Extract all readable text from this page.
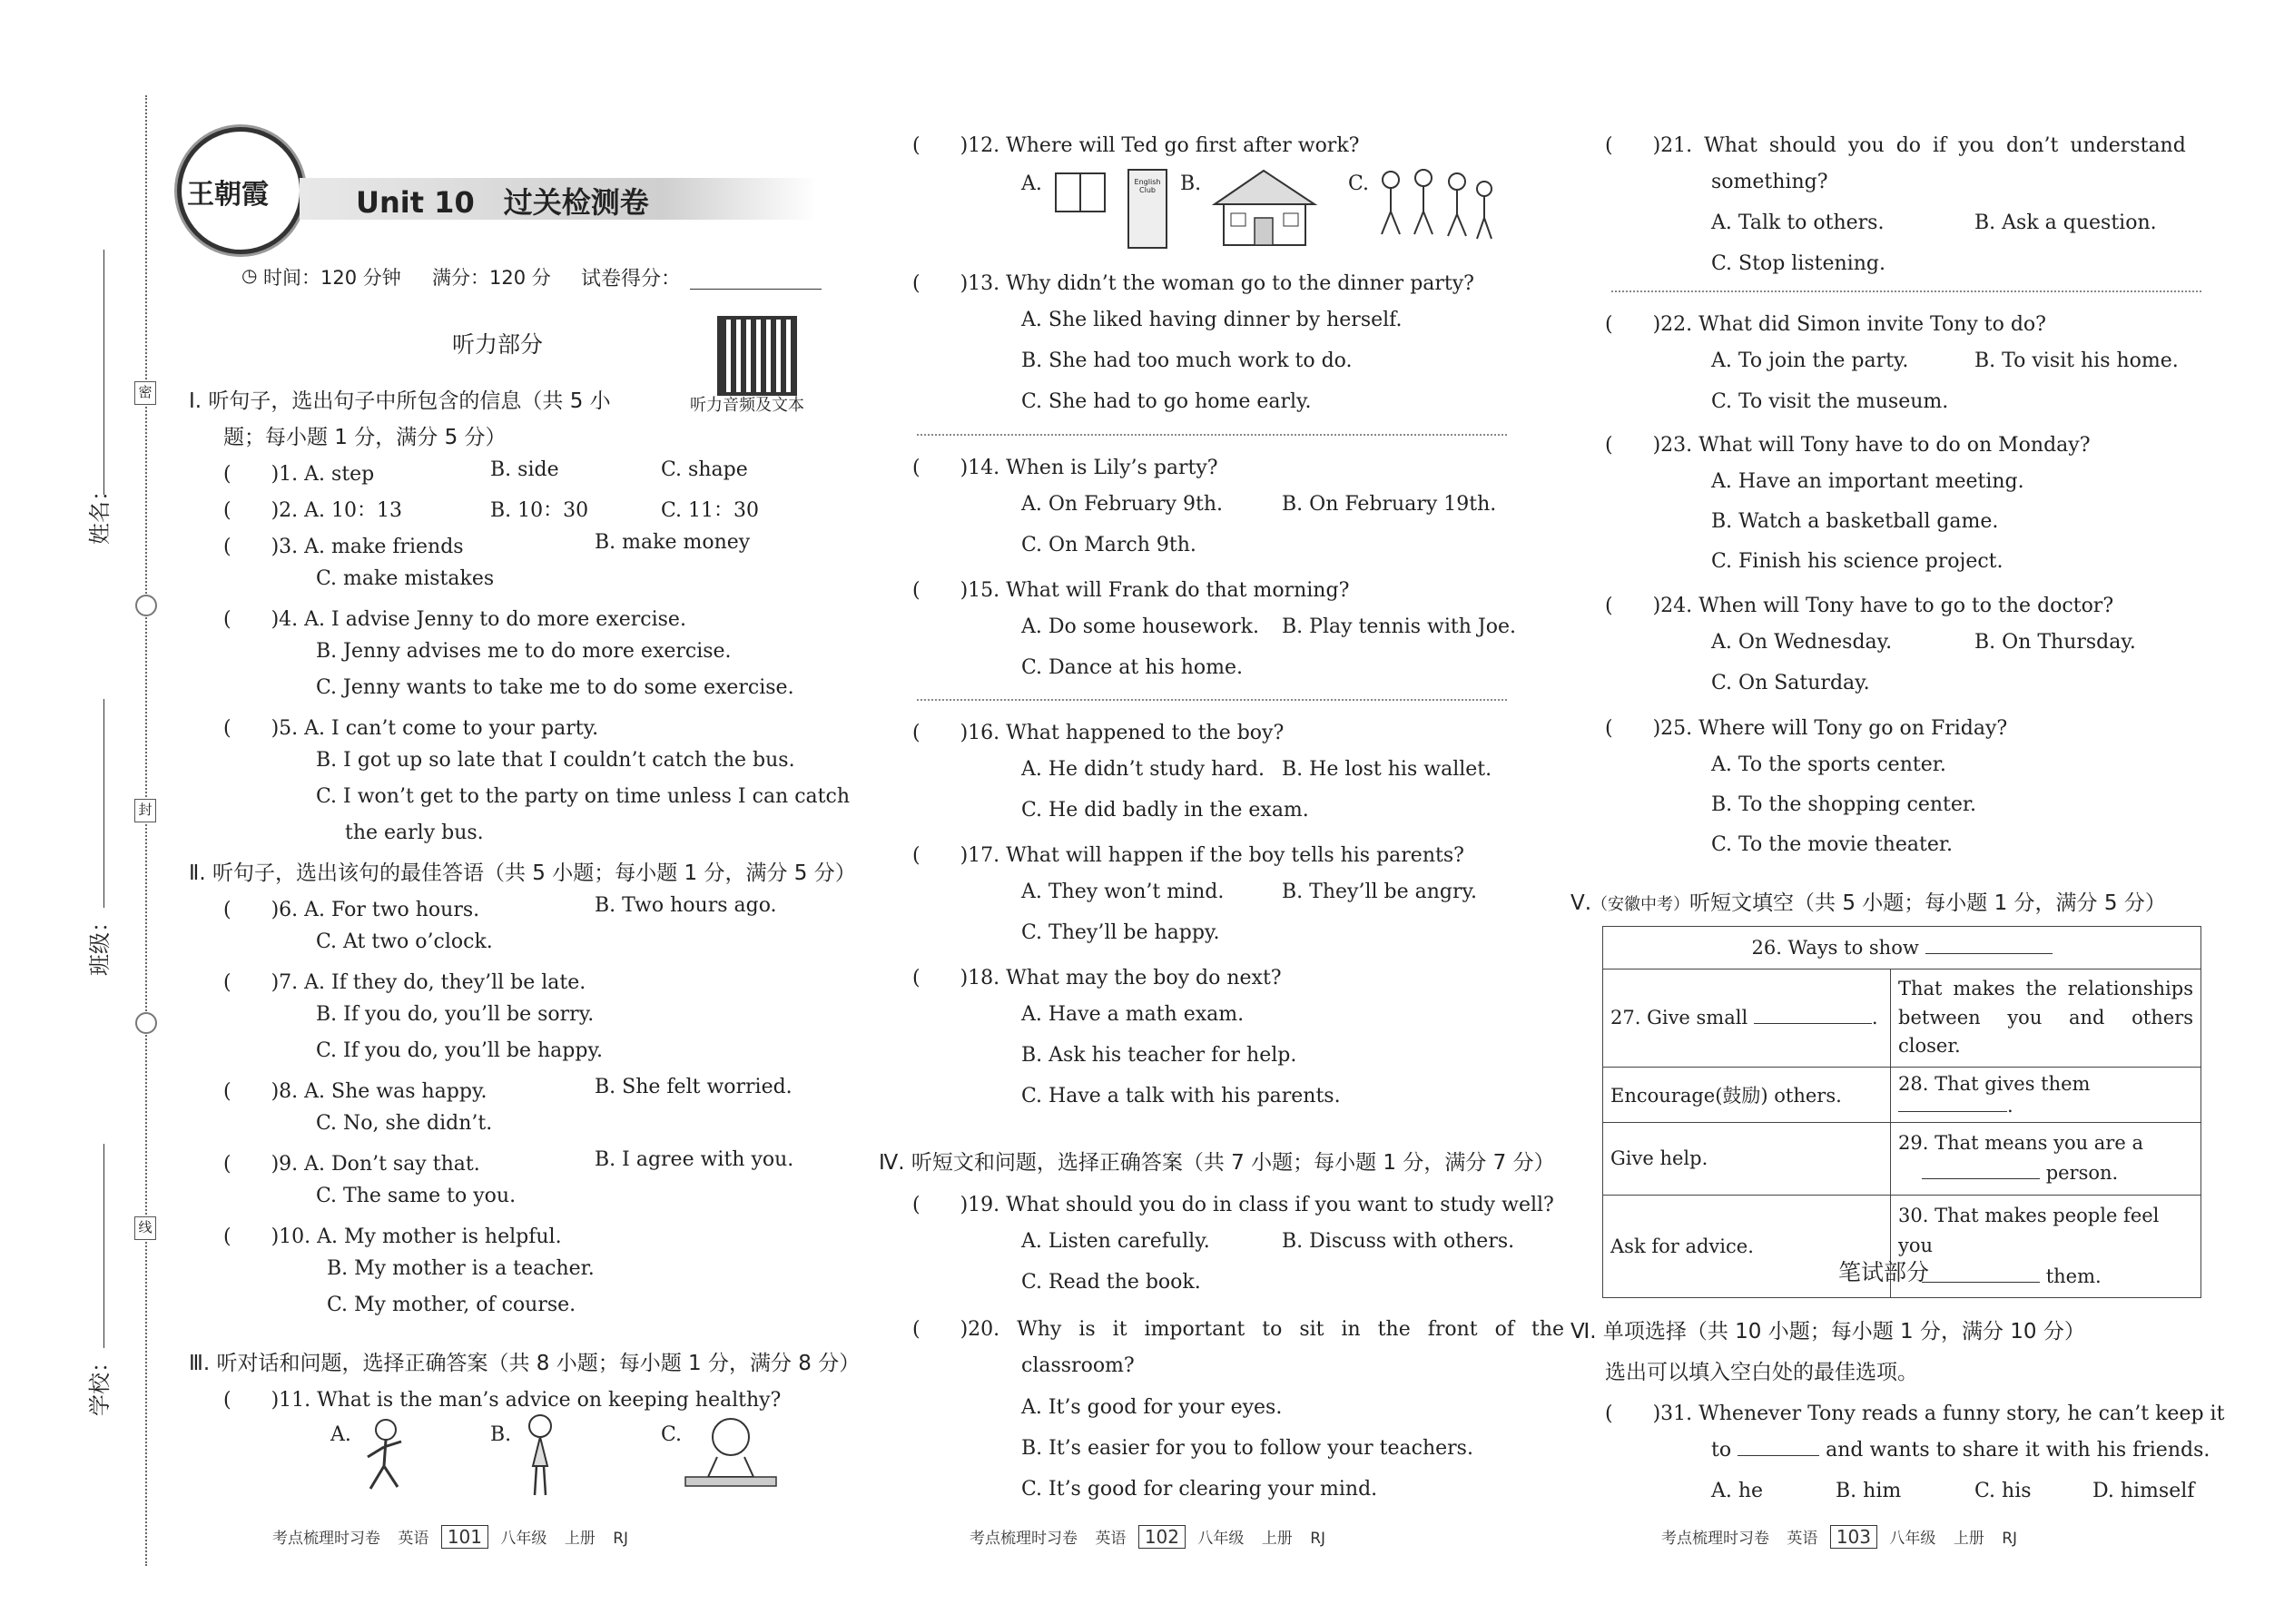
密
封
线
姓名：
班级：
学校：
王朝霞	Unit 10　过关检测卷
◷ 时间：120 分钟 满分：120 分 试卷得分：
听力部分
听力音频及文本
Ⅰ. 听句子，选出句子中所包含的信息（共 5 小
题；每小题 1 分，满分 5 分）
(　　)1. A. step	B. side	C. shape
(　　)2. A. 10：13	B. 10：30	C. 11：30
(　　)3. A. make friends	B. make money
C. make mistakes
(　　)4. A. I advise Jenny to do more exercise.
B. Jenny advises me to do more exercise.
C. Jenny wants to take me to do some exercise.
(　　)5. A. I can’t come to your party.
B. I got up so late that I couldn’t catch the bus.
C. I won’t get to the party on time unless I can catch
the early bus.
Ⅱ. 听句子，选出该句的最佳答语（共 5 小题；每小题 1 分，满分 5 分）
(　　)6. A. For two hours.	B. Two hours ago.
C. At two o’clock.
(　　)7. A. If they do, they’ll be late.
B. If you do, you’ll be sorry.
C. If you do, you’ll be happy.
(　　)8. A. She was happy.	B. She felt worried.
C. No, she didn’t.
(　　)9. A. Don’t say that.	B. I agree with you.
C. The same to you.
(　　)10. A. My mother is helpful.
B. My mother is a teacher.
C. My mother, of course.
Ⅲ. 听对话和问题，选择正确答案（共 8 小题；每小题 1 分，满分 8 分）
(　　)11. What is the man’s advice on keeping healthy?
A.	B.	C.
考点梳理时习卷 英语 101 八年级 上册 RJ
(　　)12. Where will Ted go first after work?
A.	B.	C.
English Club
(　　)13. Why didn’t the woman go to the dinner party?
A. She liked having dinner by herself.
B. She had too much work to do.
C. She had to go home early.
(　　)14. When is Lily’s party?
A. On February 9th.	B. On February 19th.
C. On March 9th.
(　　)15. What will Frank do that morning?
A. Do some housework. B. Play tennis with Joe.
C. Dance at his home.
(　　)16. What happened to the boy?
A. He didn’t study hard. B. He lost his wallet.
C. He did badly in the exam.
(　　)17. What will happen if the boy tells his parents?
A. They won’t mind.	B. They’ll be angry.
C. They’ll be happy.
(　　)18. What may the boy do next?
A. Have a math exam.
B. Ask his teacher for help.
C. Have a talk with his parents.
Ⅳ. 听短文和问题，选择正确答案（共 7 小题；每小题 1 分，满分 7 分）
(　　)19. What should you do in class if you want to study well?
A. Listen carefully.	B. Discuss with others.
C. Read the book.
(　　)20. Why is it important to sit in the front of the
classroom?
A. It’s good for your eyes.
B. It’s easier for you to follow your teachers.
C. It’s good for clearing your mind.
考点梳理时习卷 英语 102 八年级 上册 RJ
(　　)21. What should you do if you don’t understand
something?
A. Talk to others.	B. Ask a question.
C. Stop listening.
(　　)22. What did Simon invite Tony to do?
A. To join the party.	B. To visit his home.
C. To visit the museum.
(　　)23. What will Tony have to do on Monday?
A. Have an important meeting.
B. Watch a basketball game.
C. Finish his science project.
(　　)24. When will Tony have to go to the doctor?
A. On Wednesday.	B. On Thursday.
C. On Saturday.
(　　)25. Where will Tony go on Friday?
A. To the sports center.
B. To the shopping center.
C. To the movie theater.
Ⅴ.（安徽中考）听短文填空（共 5 小题；每小题 1 分，满分 5 分）
26. Ways to show	
27. Give small .	That makes the relationships between you and others closer.
Encourage(鼓励) others.	28. That gives them .
Give help.	29. That means you are a
person.
Ask for advice.	30. That makes people feel you
them.
笔试部分
Ⅵ. 单项选择（共 10 小题；每小题 1 分，满分 10 分）
选出可以填入空白处的最佳选项。
(　　)31. Whenever Tony reads a funny story, he can’t keep it
to	and wants to share it with his friends.
A. he	B. him	C. his	D. himself
考点梳理时习卷 英语 103 八年级 上册 RJ
